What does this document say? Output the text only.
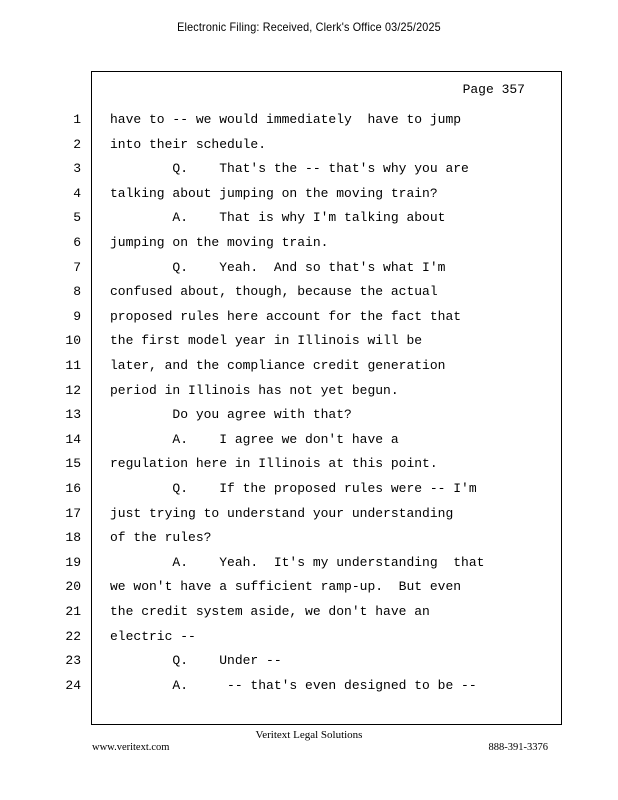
Electronic Filing: Received, Clerk's Office 03/25/2025
Page 357
1 have to -- we would immediately  have to jump
2 into their schedule.
3 Q.    That's the -- that's why you are
4 talking about jumping on the moving train?
5 A.    That is why I'm talking about
6 jumping on the moving train.
7 Q.    Yeah.  And so that's what I'm
8 confused about, though, because the actual
9 proposed rules here account for the fact that
10 the first model year in Illinois will be
11 later, and the compliance credit generation
12 period in Illinois has not yet begun.
13 Do you agree with that?
14 A.    I agree we don't have a
15 regulation here in Illinois at this point.
16 Q.    If the proposed rules were -- I'm
17 just trying to understand your understanding
18 of the rules?
19 A.    Yeah.  It's my understanding  that
20 we won't have a sufficient ramp-up.  But even
21 the credit system aside, we don't have an
22 electric --
23 Q.    Under --
24 A.     -- that's even designed to be --
Veritext Legal Solutions
www.veritext.com	888-391-3376
